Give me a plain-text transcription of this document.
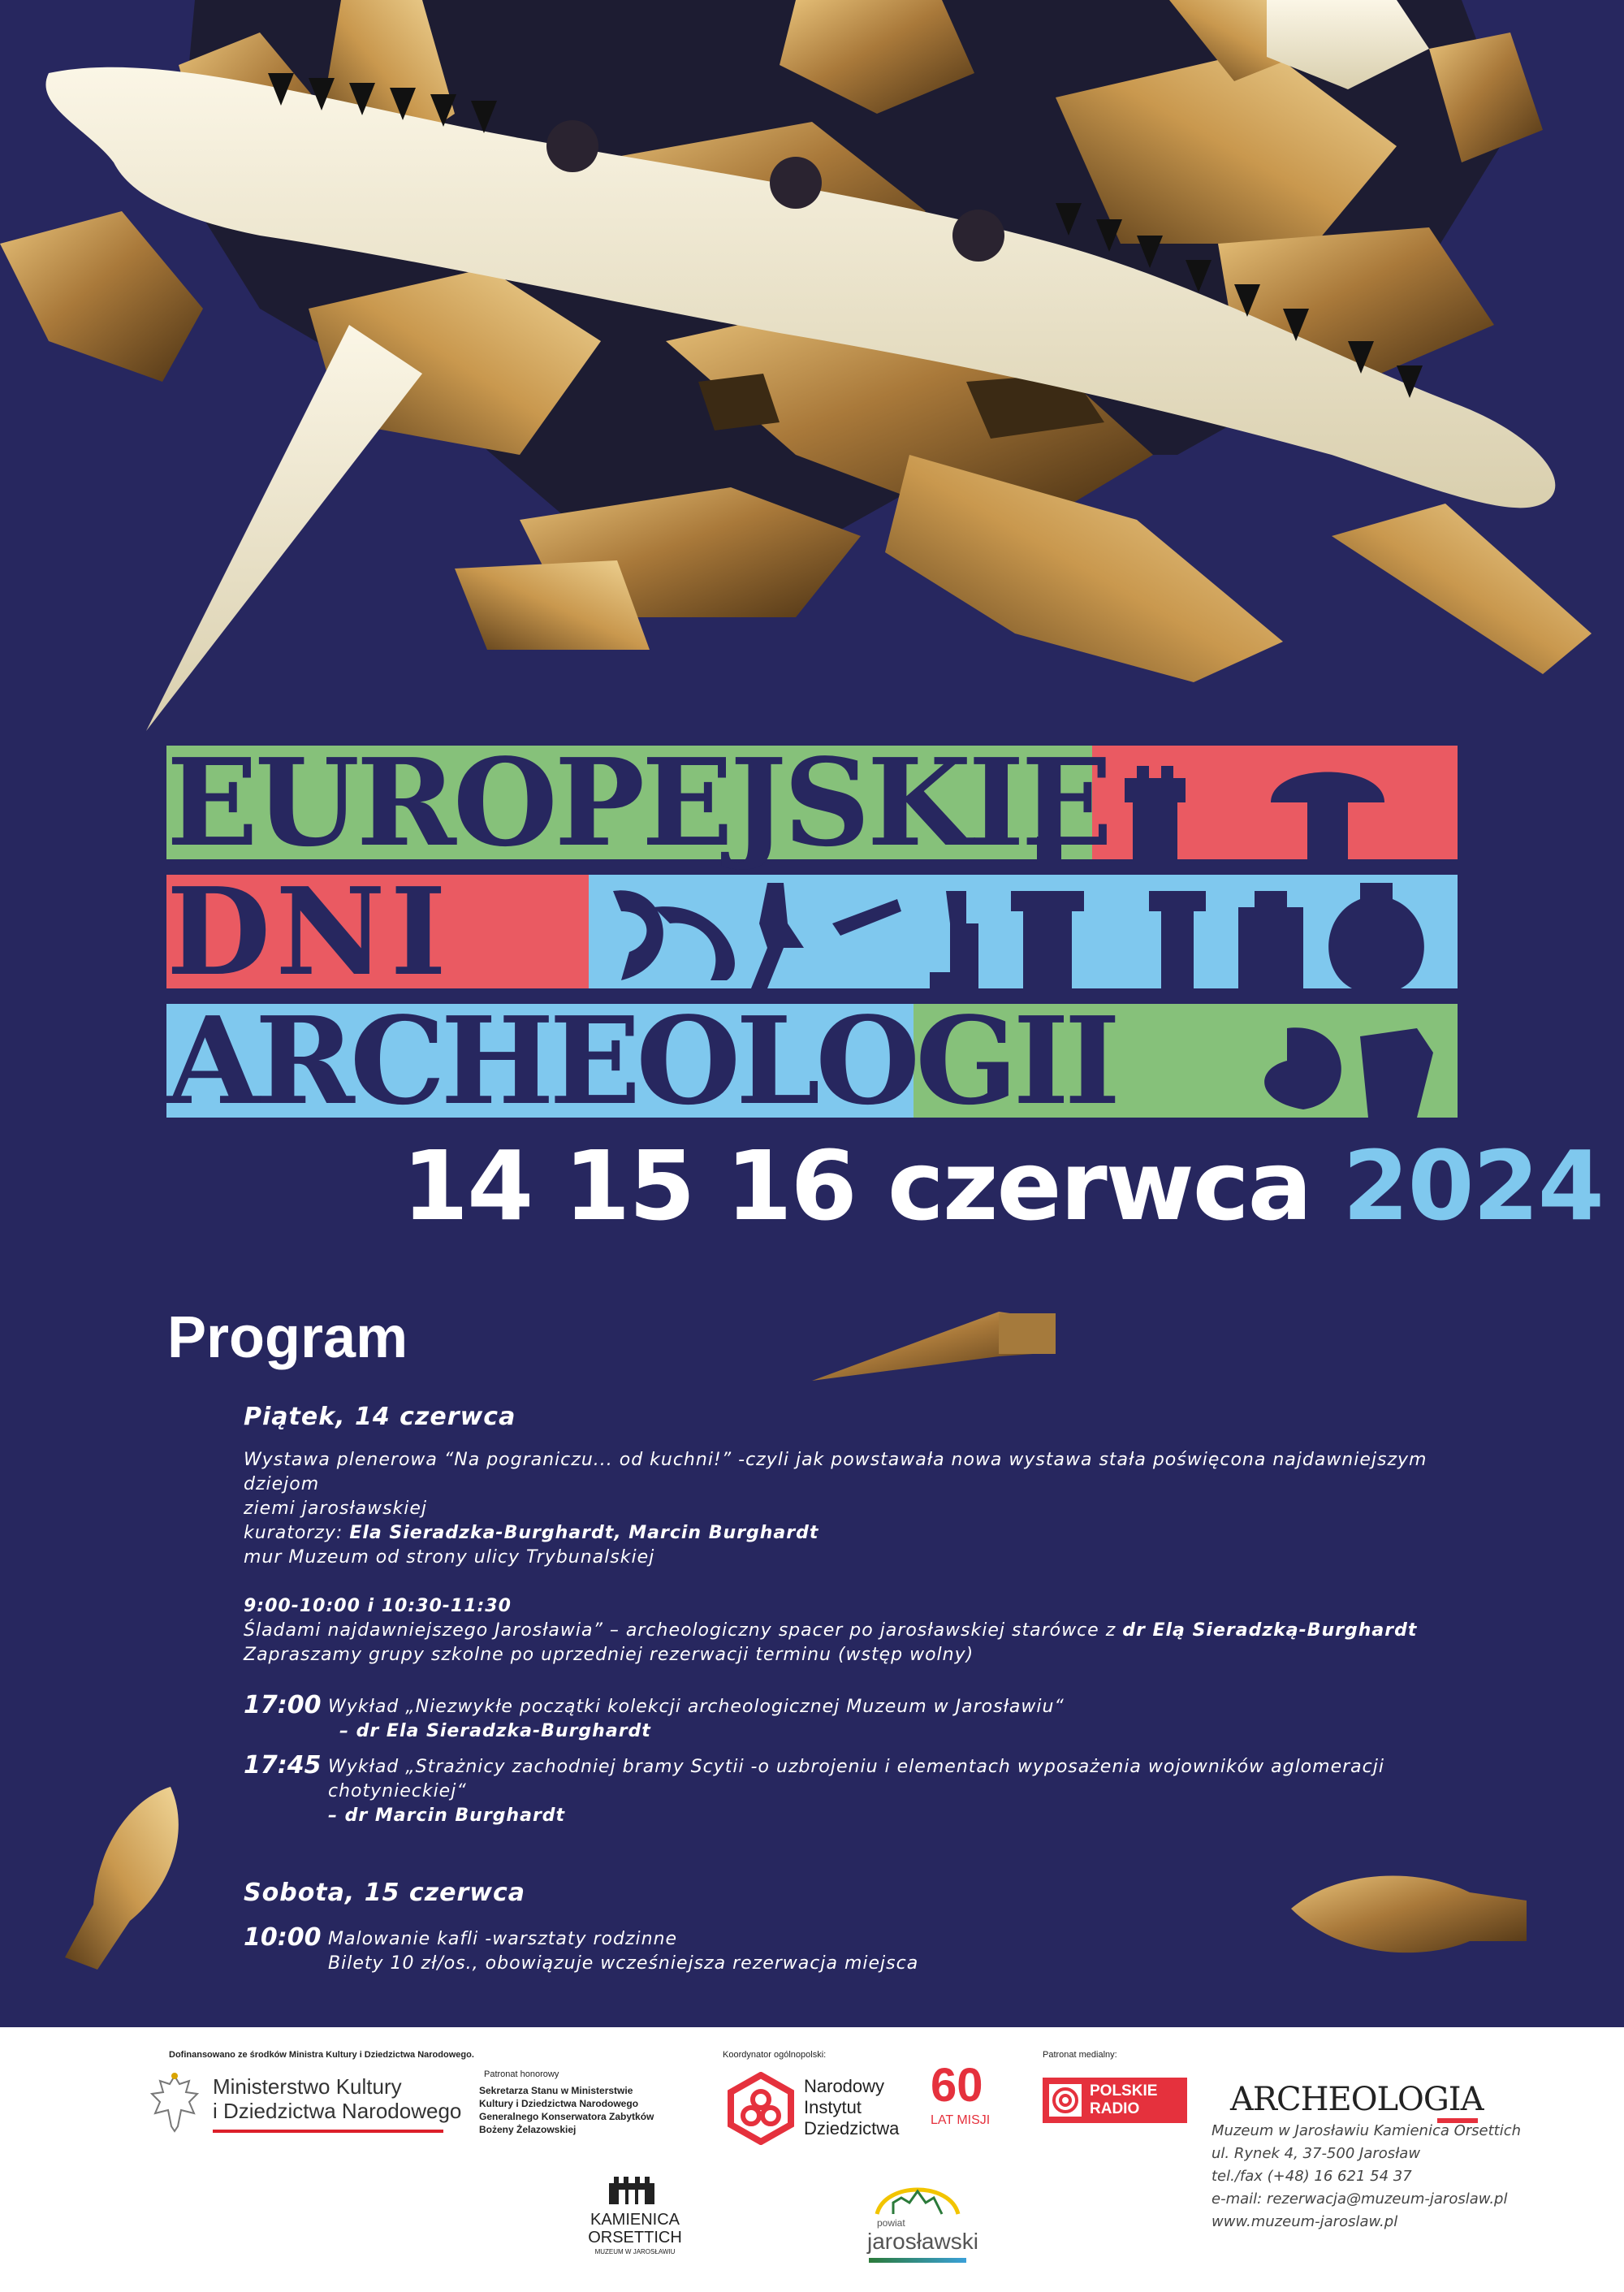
EUROPEJSKIE
DNI
ARCHEOLOGII
14 15 16 czerwca 2024
Program
Piątek, 14 czerwca
Wystawa plenerowa “Na pograniczu... od kuchni!” -czyli jak powstawała nowa wystawa stała poświęcona najdawniejszym dziejom
ziemi jarosławskiej
kuratorzy: Ela Sieradzka-Burghardt, Marcin Burghardt
mur Muzeum od strony ulicy Trybunalskiej
9:00-10:00 i 10:30-11:30
Śladami najdawniejszego Jarosławia” – archeologiczny spacer po jarosławskiej starówce z dr Elą Sieradzką-Burghardt
Zapraszamy grupy szkolne po uprzedniej rezerwacji terminu (wstęp wolny)
17:00 Wykład „Niezwykłe początki kolekcji archeologicznej Muzeum w Jarosławiu“
– dr Ela Sieradzka-Burghardt
17:45 Wykład „Strażnicy zachodniej bramy Scytii -o uzbrojeniu i elementach wyposażenia wojowników aglomeracji
chotynieckiej“
– dr Marcin Burghardt
Sobota, 15 czerwca
10:00 Malowanie kafli -warsztaty rodzinne
Bilety 10 zł/os., obowiązuje wcześniejsza rezerwacja miejsca
Dofinansowano ze środków Ministra Kultury i Dziedzictwa Narodowego.
Ministerstwo Kultury
i Dziedzictwa Narodowego
Patronat honorowy
Sekretarza Stanu w Ministerstwie
Kultury i Dziedzictwa Narodowego
Generalnego Konserwatora Zabytków
Bożeny Żelazowskiej
Koordynator ogólnopolski:
Narodowy
Instytut
Dziedzictwa
60
LAT MISJI
Patronat medialny:
POLSKIE
RADIO	ARCHEOLOGIA
KAMIENICA
ORSETTICH
MUZEUM W JAROSŁAWIU
powiat
jarosławski
Muzeum w Jarosławiu Kamienica Orsettich
ul. Rynek 4, 37-500 Jarosław
tel./fax (+48) 16 621 54 37
e-mail: rezerwacja@muzeum-jaroslaw.pl
www.muzeum-jaroslaw.pl
